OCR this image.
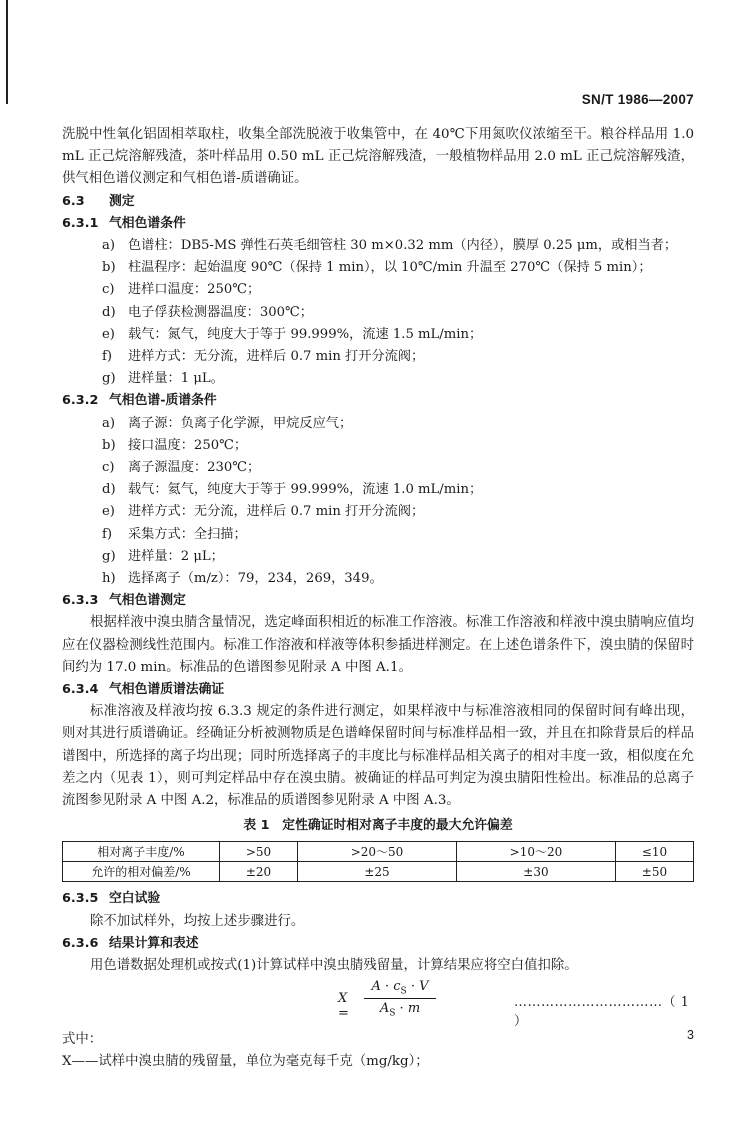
SN/T 1986—2007

洗脱中性氧化铝固相萃取柱，收集全部洗脱液于收集管中，在 40℃下用氮吹仪浓缩至干。粮谷样品用 1.0 mL 正己烷溶解残渣，茶叶样品用 0.50 mL 正己烷溶解残渣，一般植物样品用 2.0 mL 正己烷溶解残渣，供气相色谱仪测定和气相色谱-质谱确证。

6.3 测定

6.3.1 气相色谱条件

a) 色谱柱：DB5-MS 弹性石英毛细管柱 30 m×0.32 mm（内径），膜厚 0.25 μm，或相当者；
b) 柱温程序：起始温度 90℃（保持 1 min），以 10℃/min 升温至 270℃（保持 5 min）；
c)	进样口温度：250℃；
d) 电子俘获检测器温度：300℃；
e) 载气：氮气，纯度大于等于 99.999%，流速 1.5 mL/min；
f)	进样方式：无分流，进样后 0.7 min 打开分流阀；
g) 进样量：1 μL。

6.3.2 气相色谱-质谱条件

a) 离子源：负离子化学源，甲烷反应气；
b) 接口温度：250℃；
c)	离子源温度：230℃；
d) 载气：氦气，纯度大于等于 99.999%，流速 1.0 mL/min；
e) 进样方式：无分流，进样后 0.7 min 打开分流阀；
f)	采集方式：全扫描；
g) 进样量：2 μL；
h) 选择离子（m/z）：79，234，269，349。

6.3.3 气相色谱测定

根据样液中溴虫腈含量情况，选定峰面积相近的标准工作溶液。标准工作溶液和样液中溴虫腈响应值均应在仪器检测线性范围内。标准工作溶液和样液等体积参插进样测定。在上述色谱条件下，溴虫腈的保留时间约为 17.0 min。标准品的色谱图参见附录 A 中图 A.1。

6.3.4 气相色谱质谱法确证

标准溶液及样液均按 6.3.3 规定的条件进行测定，如果样液中与标准溶液相同的保留时间有峰出现，则对其进行质谱确证。经确证分析被测物质是色谱峰保留时间与标准样品相一致，并且在扣除背景后的样品谱图中，所选择的离子均出现；同时所选择离子的丰度比与标准样品相关离子的相对丰度一致，相似度在允差之内（见表 1），则可判定样品中存在溴虫腈。被确证的样品可判定为溴虫腈阳性检出。标准品的总离子流图参见附录 A 中图 A.2，标准品的质谱图参见附录 A 中图 A.3。

表 1　定性确证时相对离子丰度的最大允许偏差

相对离子丰度/%	>50	>20～50	>10～20	≤10
允许的相对偏差/%	±20	±25	±30	±50

6.3.5 空白试验

除不加试样外，均按上述步骤进行。

6.3.6 结果计算和表述

用色谱数据处理机或按式(1)计算试样中溴虫腈残留量，计算结果应将空白值扣除。

X =
$A \cdot c_S \cdot V$
$A_S \cdot m$	……………………………（ 1 ）

式中：

X——试样中溴虫腈的残留量，单位为毫克每千克（mg/kg）；

3
